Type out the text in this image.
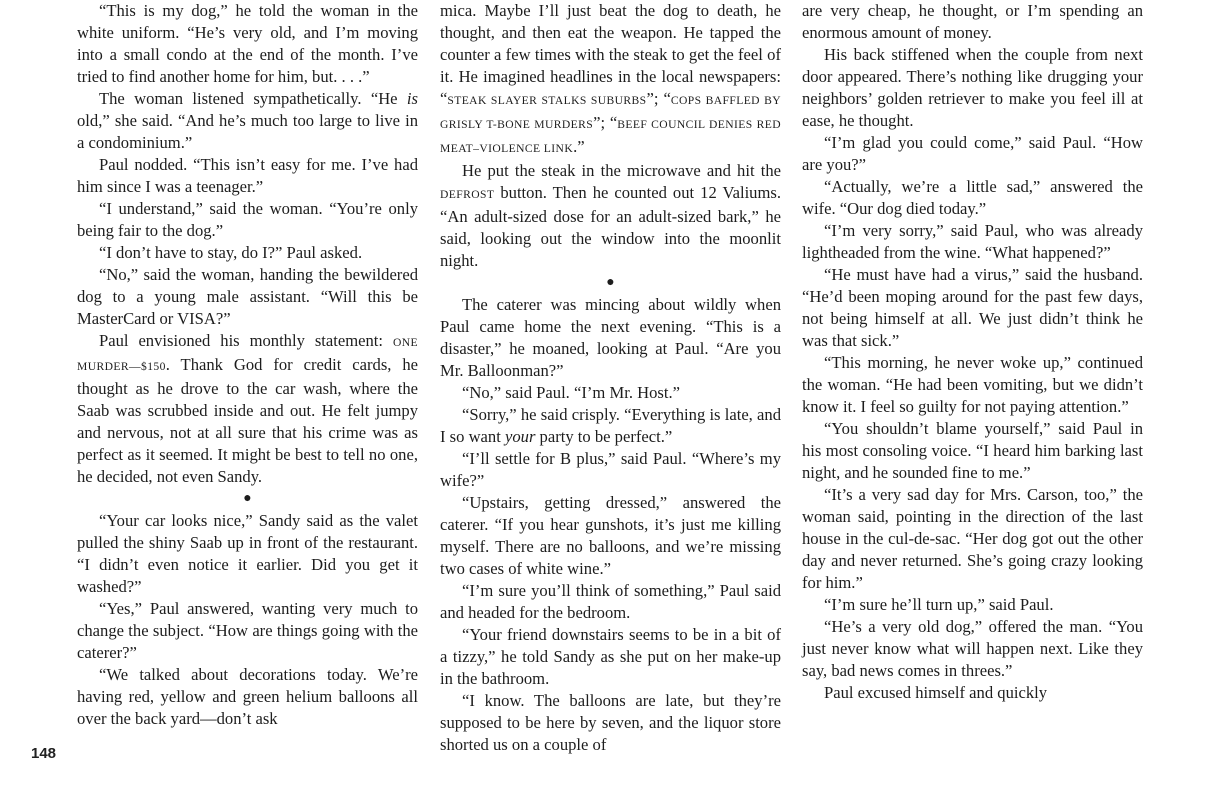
“This is my dog,” he told the woman in the white uniform. “He’s very old, and I’m moving into a small condo at the end of the month. I’ve tried to find another home for him, but. . . .”

The woman listened sympathetically. “He is old,” she said. “And he’s much too large to live in a condominium.”

Paul nodded. “This isn’t easy for me. I’ve had him since I was a teenager.”

“I understand,” said the woman. “You’re only being fair to the dog.”

“I don’t have to stay, do I?” Paul asked.

“No,” said the woman, handing the bewildered dog to a young male assistant. “Will this be MasterCard or VISA?”

Paul envisioned his monthly statement: ONE MURDER—$150. Thank God for credit cards, he thought as he drove to the car wash, where the Saab was scrubbed inside and out. He felt jumpy and nervous, not at all sure that his crime was as perfect as it seemed. It might be best to tell no one, he decided, not even Sandy.

●

“Your car looks nice,” Sandy said as the valet pulled the shiny Saab up in front of the restaurant. “I didn’t even notice it earlier. Did you get it washed?”

“Yes,” Paul answered, wanting very much to change the subject. “How are things going with the caterer?”

“We talked about decorations today. We’re having red, yellow and green helium balloons all over the back yard—don’t ask

mica. Maybe I’ll just beat the dog to death, he thought, and then eat the weapon. He tapped the counter a few times with the steak to get the feel of it. He imagined headlines in the local newspapers: “STEAK SLAYER STALKS SUBURBS”; “COPS BAFFLED BY GRISLY T-BONE MURDERS”; “BEEF COUNCIL DENIES RED MEAT–VIOLENCE LINK.”

He put the steak in the microwave and hit the DEFROST button. Then he counted out 12 Valiums. “An adult-sized dose for an adult-sized bark,” he said, looking out the window into the moonlit night.

●

The caterer was mincing about wildly when Paul came home the next evening. “This is a disaster,” he moaned, looking at Paul. “Are you Mr. Balloonman?”

“No,” said Paul. “I’m Mr. Host.”

“Sorry,” he said crisply. “Everything is late, and I so want your party to be perfect.”

“I’ll settle for B plus,” said Paul. “Where’s my wife?”

“Upstairs, getting dressed,” answered the caterer. “If you hear gunshots, it’s just me killing myself. There are no balloons, and we’re missing two cases of white wine.”

“I’m sure you’ll think of something,” Paul said and headed for the bedroom.

“Your friend downstairs seems to be in a bit of a tizzy,” he told Sandy as she put on her make-up in the bathroom.

“I know. The balloons are late, but they’re supposed to be here by seven, and the liquor store shorted us on a couple of

are very cheap, he thought, or I’m spending an enormous amount of money.

His back stiffened when the couple from next door appeared. There’s nothing like drugging your neighbors’ golden retriever to make you feel ill at ease, he thought.

“I’m glad you could come,” said Paul. “How are you?”

“Actually, we’re a little sad,” answered the wife. “Our dog died today.”

“I’m very sorry,” said Paul, who was already lightheaded from the wine. “What happened?”

“He must have had a virus,” said the husband. “He’d been moping around for the past few days, not being himself at all. We just didn’t think he was that sick.”

“This morning, he never woke up,” continued the woman. “He had been vomiting, but we didn’t know it. I feel so guilty for not paying attention.”

“You shouldn’t blame yourself,” said Paul in his most consoling voice. “I heard him barking last night, and he sounded fine to me.”

“It’s a very sad day for Mrs. Carson, too,” the woman said, pointing in the direction of the last house in the cul-de-sac. “Her dog got out the other day and never returned. She’s going crazy looking for him.”

“I’m sure he’ll turn up,” said Paul.

“He’s a very old dog,” offered the man. “You just never know what will happen next. Like they say, bad news comes in threes.”

Paul excused himself and quickly

148
